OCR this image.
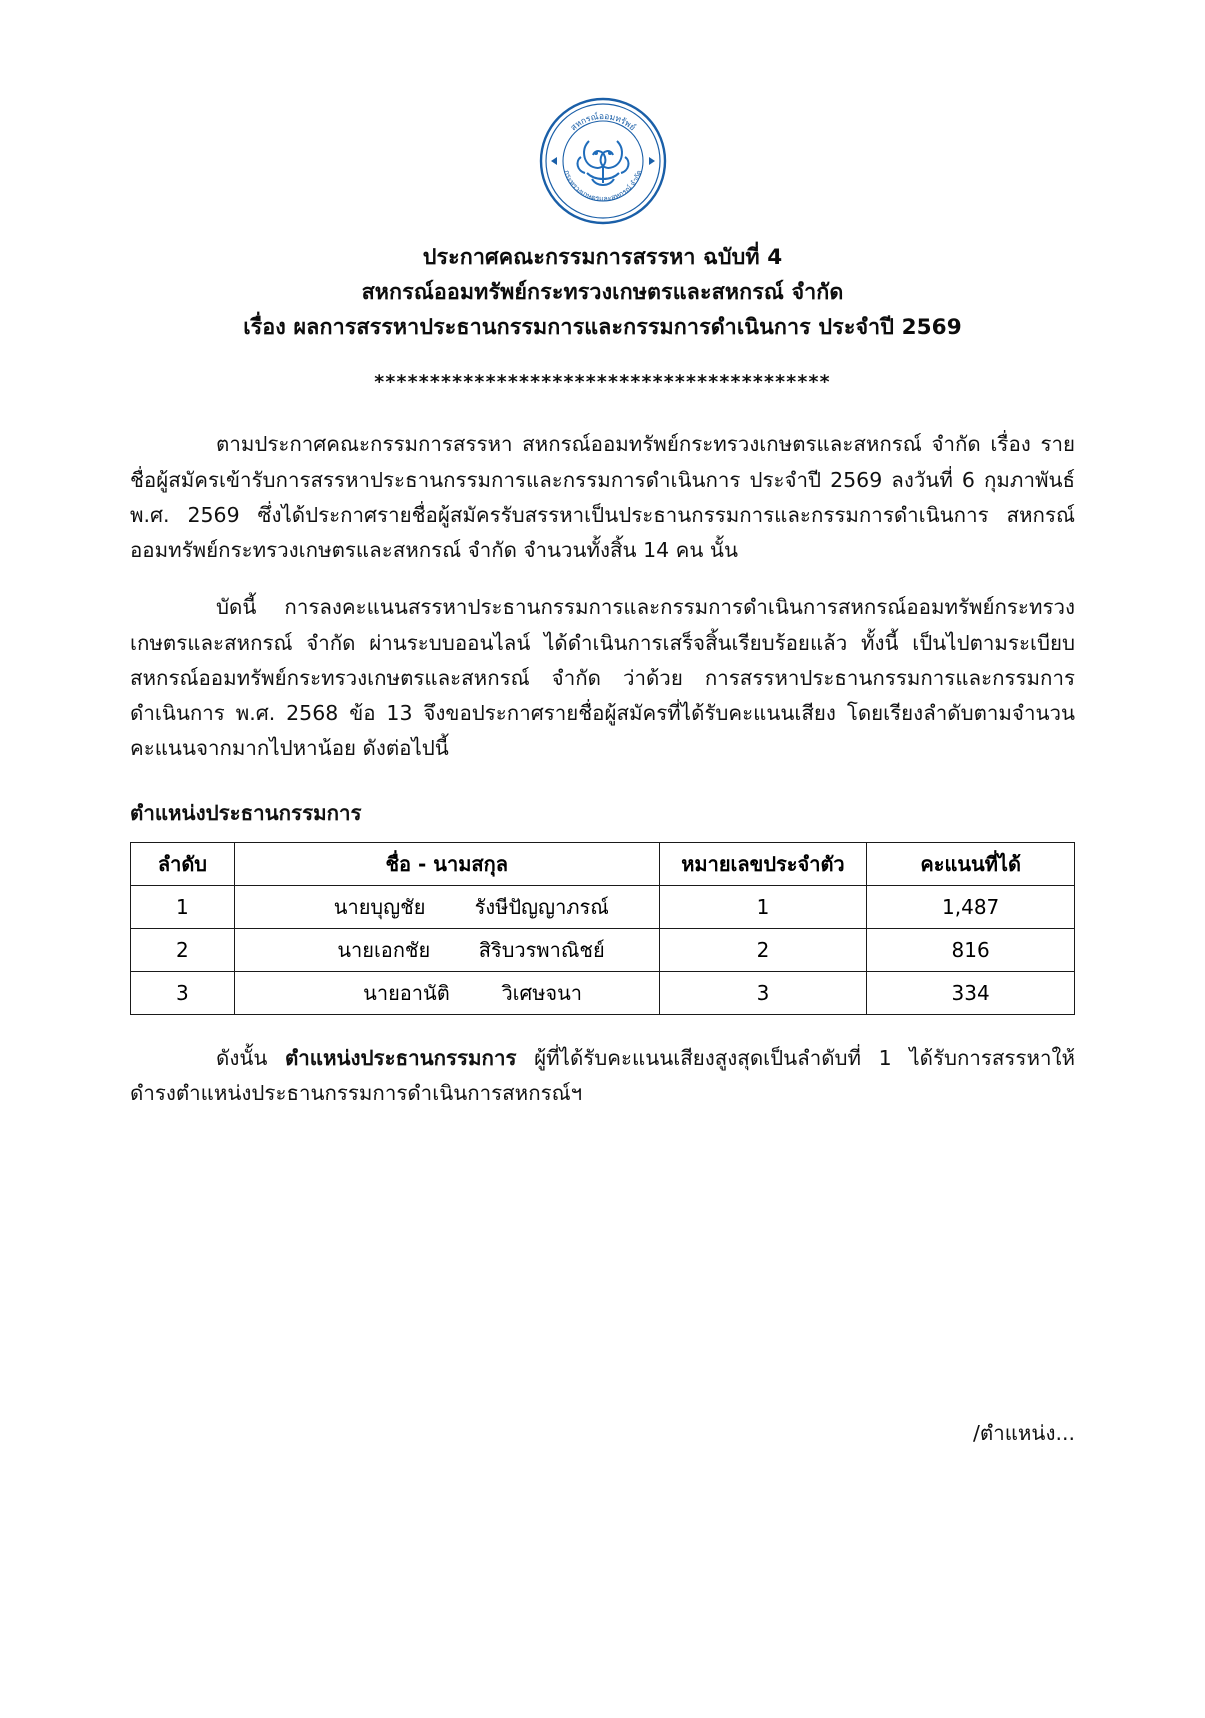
สหกรณ์ออมทรัพย์
กระทรวงเกษตรและสหกรณ์ จำกัด
ประกาศคณะกรรมการสรรหา ฉบับที่ 4
สหกรณ์ออมทรัพย์กระทรวงเกษตรและสหกรณ์ จำกัด
เรื่อง ผลการสรรหาประธานกรรมการและกรรมการดำเนินการ ประจำปี 2569
*****************************************

ตามประกาศคณะกรรมการสรรหา สหกรณ์ออมทรัพย์กระทรวงเกษตรและสหกรณ์ จำกัด เรื่อง รายชื่อผู้สมัครเข้ารับการสรรหาประธานกรรมการและกรรมการดำเนินการ ประจำปี 2569 ลงวันที่ 6 กุมภาพันธ์ พ.ศ. 2569 ซึ่งได้ประกาศรายชื่อผู้สมัครรับสรรหาเป็นประธานกรรมการและกรรมการดำเนินการ สหกรณ์ออมทรัพย์กระทรวงเกษตรและสหกรณ์ จำกัด จำนวนทั้งสิ้น 14 คน นั้น

บัดนี้ การลงคะแนนสรรหาประธานกรรมการและกรรมการดำเนินการสหกรณ์ออมทรัพย์กระทรวงเกษตรและสหกรณ์ จำกัด ผ่านระบบออนไลน์ ได้ดำเนินการเสร็จสิ้นเรียบร้อยแล้ว ทั้งนี้ เป็นไปตามระเบียบสหกรณ์ออมทรัพย์กระทรวงเกษตรและสหกรณ์ จำกัด ว่าด้วย การสรรหาประธานกรรมการและกรรมการดำเนินการ พ.ศ. 2568 ข้อ 13 จึงขอประกาศรายชื่อผู้สมัครที่ได้รับคะแนนเสียง โดยเรียงลำดับตามจำนวนคะแนนจากมากไปหาน้อย ดังต่อไปนี้

ตำแหน่งประธานกรรมการ
ลำดับ	ชื่อ - นามสกุล	หมายเลขประจำตัว	คะแนนที่ได้
1	นายบุญชัย รังษีปัญญาภรณ์	1	1,487
2	นายเอกชัย สิริบวรพาณิชย์	2	816
3	นายอานัติ วิเศษจนา	3	334

ดังนั้น ตำแหน่งประธานกรรมการ ผู้ที่ได้รับคะแนนเสียงสูงสุดเป็นลำดับที่ 1 ได้รับการสรรหาให้ดำรงตำแหน่งประธานกรรมการดำเนินการสหกรณ์ฯ

/ตำแหน่ง...
